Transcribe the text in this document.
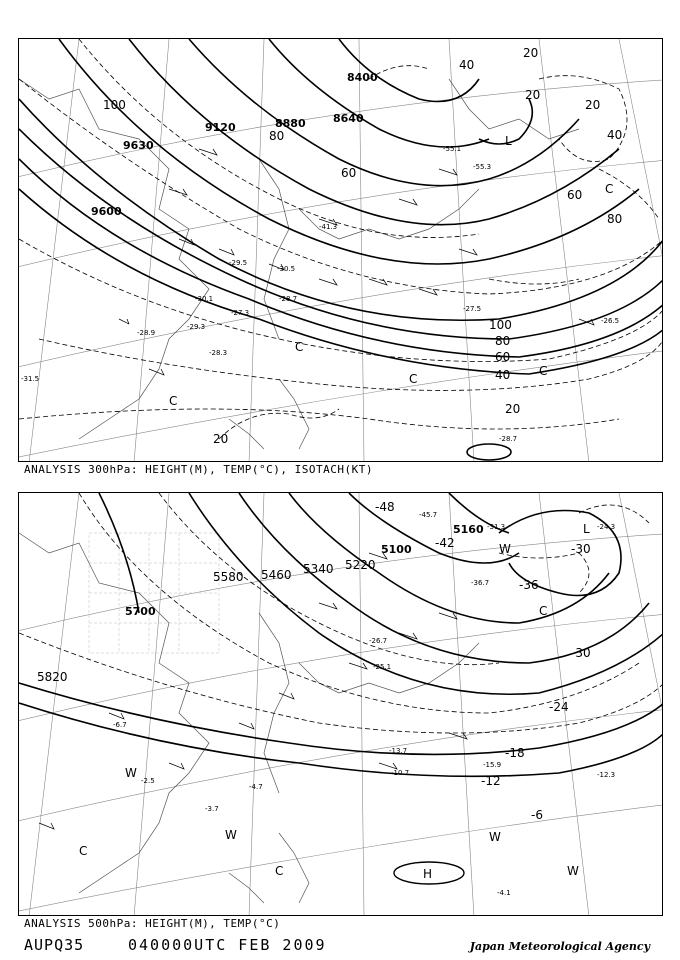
9600
9630
9120	8880 8640
8400
100
80
60
40
20
20
20
40
60
80
100
80
60
40
20
20
-28.9
-28.3
-31.5
-29.3
-28.7
-30.1
-27.3
-29.5
-30.5
-41.3
-55.3
-55.1
-27.5
-26.5
-28.7
L
C
C
C
C
C
ANALYSIS 300hPa: HEIGHT(M), TEMP(°C), ISOTACH(KT)
5700
5820
5580 5460 5340 5220
5100
5160
-30
-36
-30
-24
-18
-12
-6
-42
-48
-6.7
-2.5
-3.7
-4.7
-10.7
-13.7
-15.9
-12.3
-25.1
-26.7
-36.7
-45.7
-31.3	-24.3
-4.1
L
H
C
C
C
W
W	W
W
W
ANALYSIS 500hPa: HEIGHT(M), TEMP(°C)
AUPQ35	040000UTC FEB 2009	Japan Meteorological Agency
